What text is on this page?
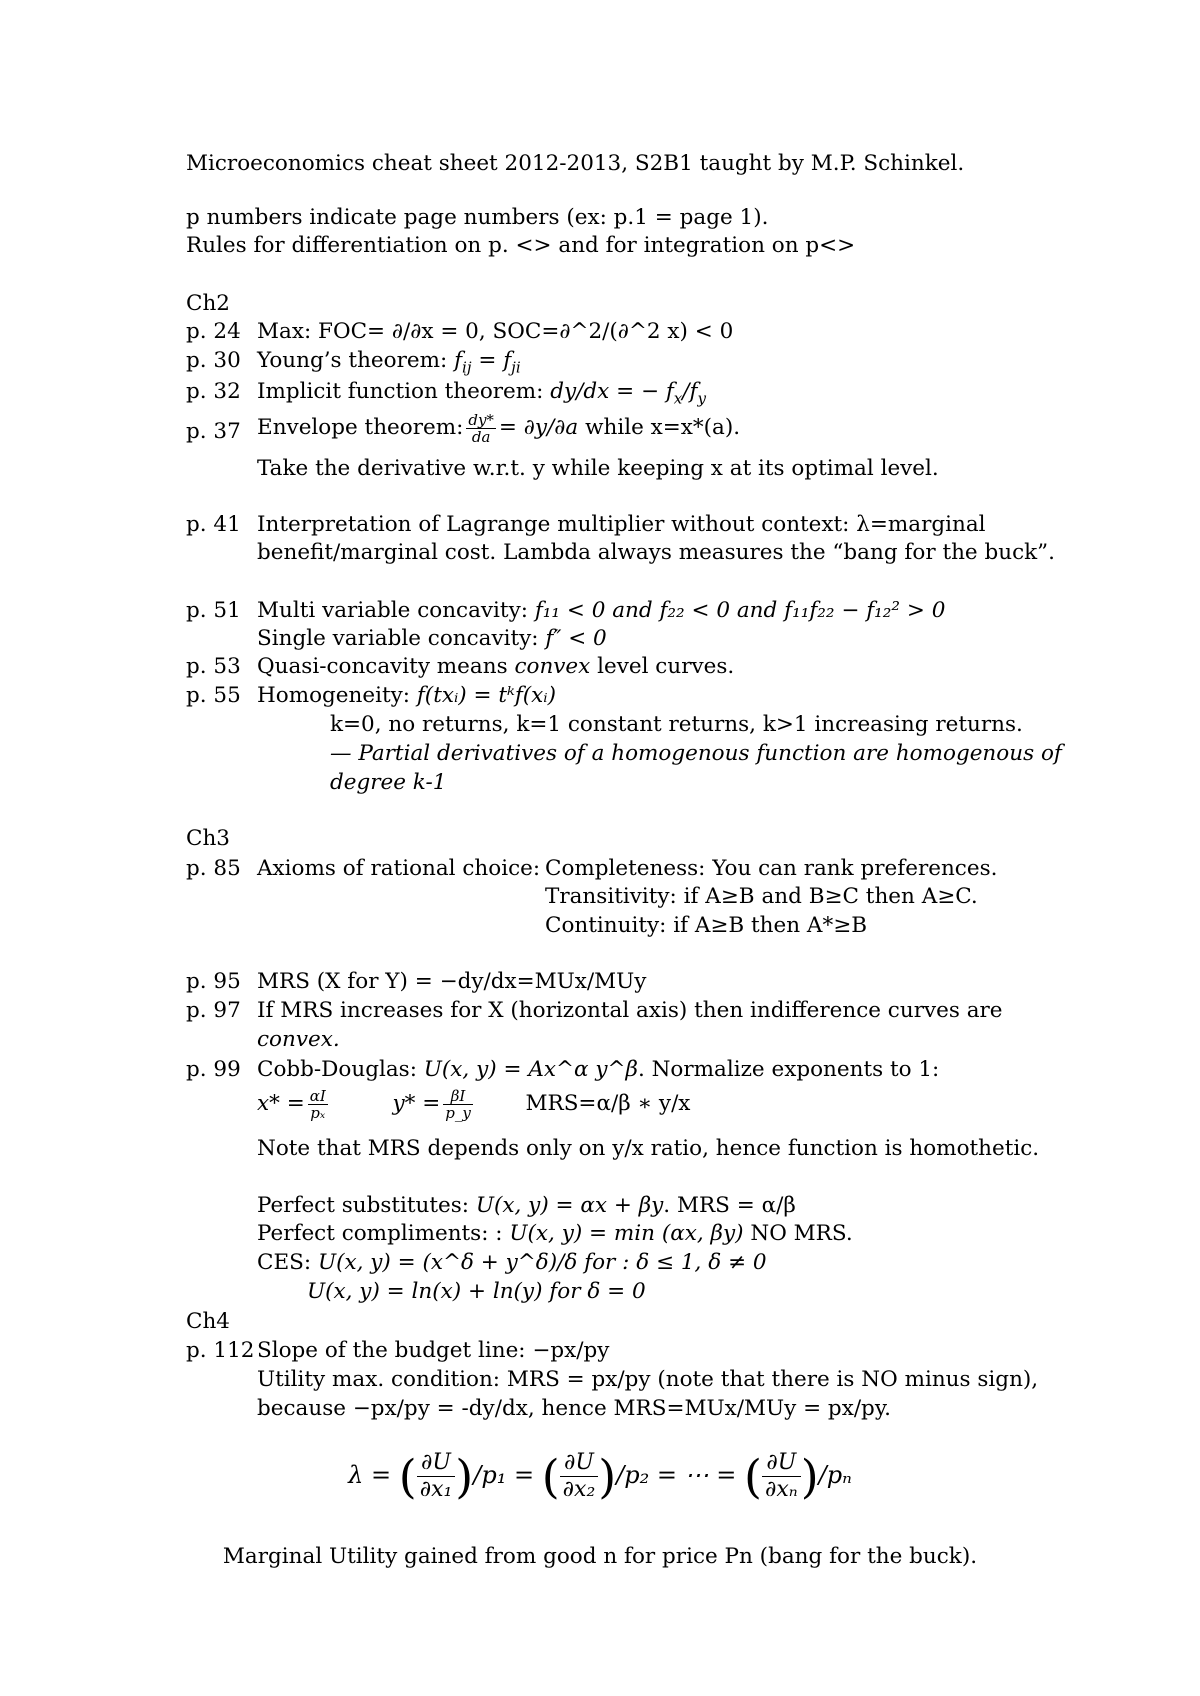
Microeconomics cheat sheet 2012-2013, S2B1 taught by M.P. Schinkel.
p numbers indicate page numbers (ex: p.1 = page 1).
Rules for differentiation on p. <> and for integration on p<>
Ch2
p. 24 Max: FOC= ∂/∂x = 0, SOC=∂^2/(∂^2 x) < 0
p. 30 Young’s theorem: $f_{ij} = f_{ji}$
p. 32 Implicit function theorem: dy/dx = − $f_x/f_y$
p. 37 Envelope theorem: $\frac{dy*}{da} = \partial y/\partial a$ while x=x*(a).
Take the derivative w.r.t. y while keeping x at its optimal level.
p. 41 Interpretation of Lagrange multiplier without context: λ=marginal
benefit/marginal cost. Lambda always measures the “bang for the buck”.
p. 51 Multi variable concavity: f₁₁ < 0 and f₂₂ < 0 and f₁₁f₂₂ − f₁₂² > 0
Single variable concavity: f″ < 0
p. 53 Quasi-concavity means convex level curves.
p. 55 Homogeneity: f(txᵢ) = tᵏf(xᵢ)
k=0, no returns, k=1 constant returns, k>1 increasing returns.
— Partial derivatives of a homogenous function are homogenous of
degree k-1
Ch3
p. 85 Axioms of rational choice: Completeness: You can rank preferences.
Transitivity: if A≥B and B≥C then A≥C.
Continuity: if A≥B then A*≥B
p. 95 MRS (X for Y) = −dy/dx=MUx/MUy
p. 97 If MRS increases for X (horizontal axis) then indifference curves are
convex.
p. 99 Cobb-Douglas: U(x, y) = Ax^α y^β. Normalize exponents to 1:
$x* = \frac{\alpha I}{\text{pₓ}}$	$y* = \frac{\beta I}{p\_y} MRS=\alpha/\beta$ ∗ y/x
Note that MRS depends only on y/x ratio, hence function is homothetic.
Perfect substitutes: U(x, y) = αx + βy. MRS = α/β
Perfect compliments: : U(x, y) = min (αx, βy) NO MRS.
CES: U(x, y) = (x^δ + y^δ)/δ for : δ ≤ 1, δ ≠ 0
U(x, y) = ln(x) + ln(y) for δ = 0
Ch4
p. 112 Slope of the budget line: −px/py
Utility max. condition: MRS = px/py (note that there is NO minus sign),
because −px/py = -dy/dx, hence MRS=MUx/MUy = px/py.
λ = ( $\frac{\partial U}{\text{∂x₁}} )/p_1$ = ( $\frac{\partial U}{\text{∂x₂}} )/p_2$ = ⋯ = ( $\frac{\partial U}{\text{∂xₙ}} )/p_n$
Marginal Utility gained from good n for price Pn (bang for the buck).
